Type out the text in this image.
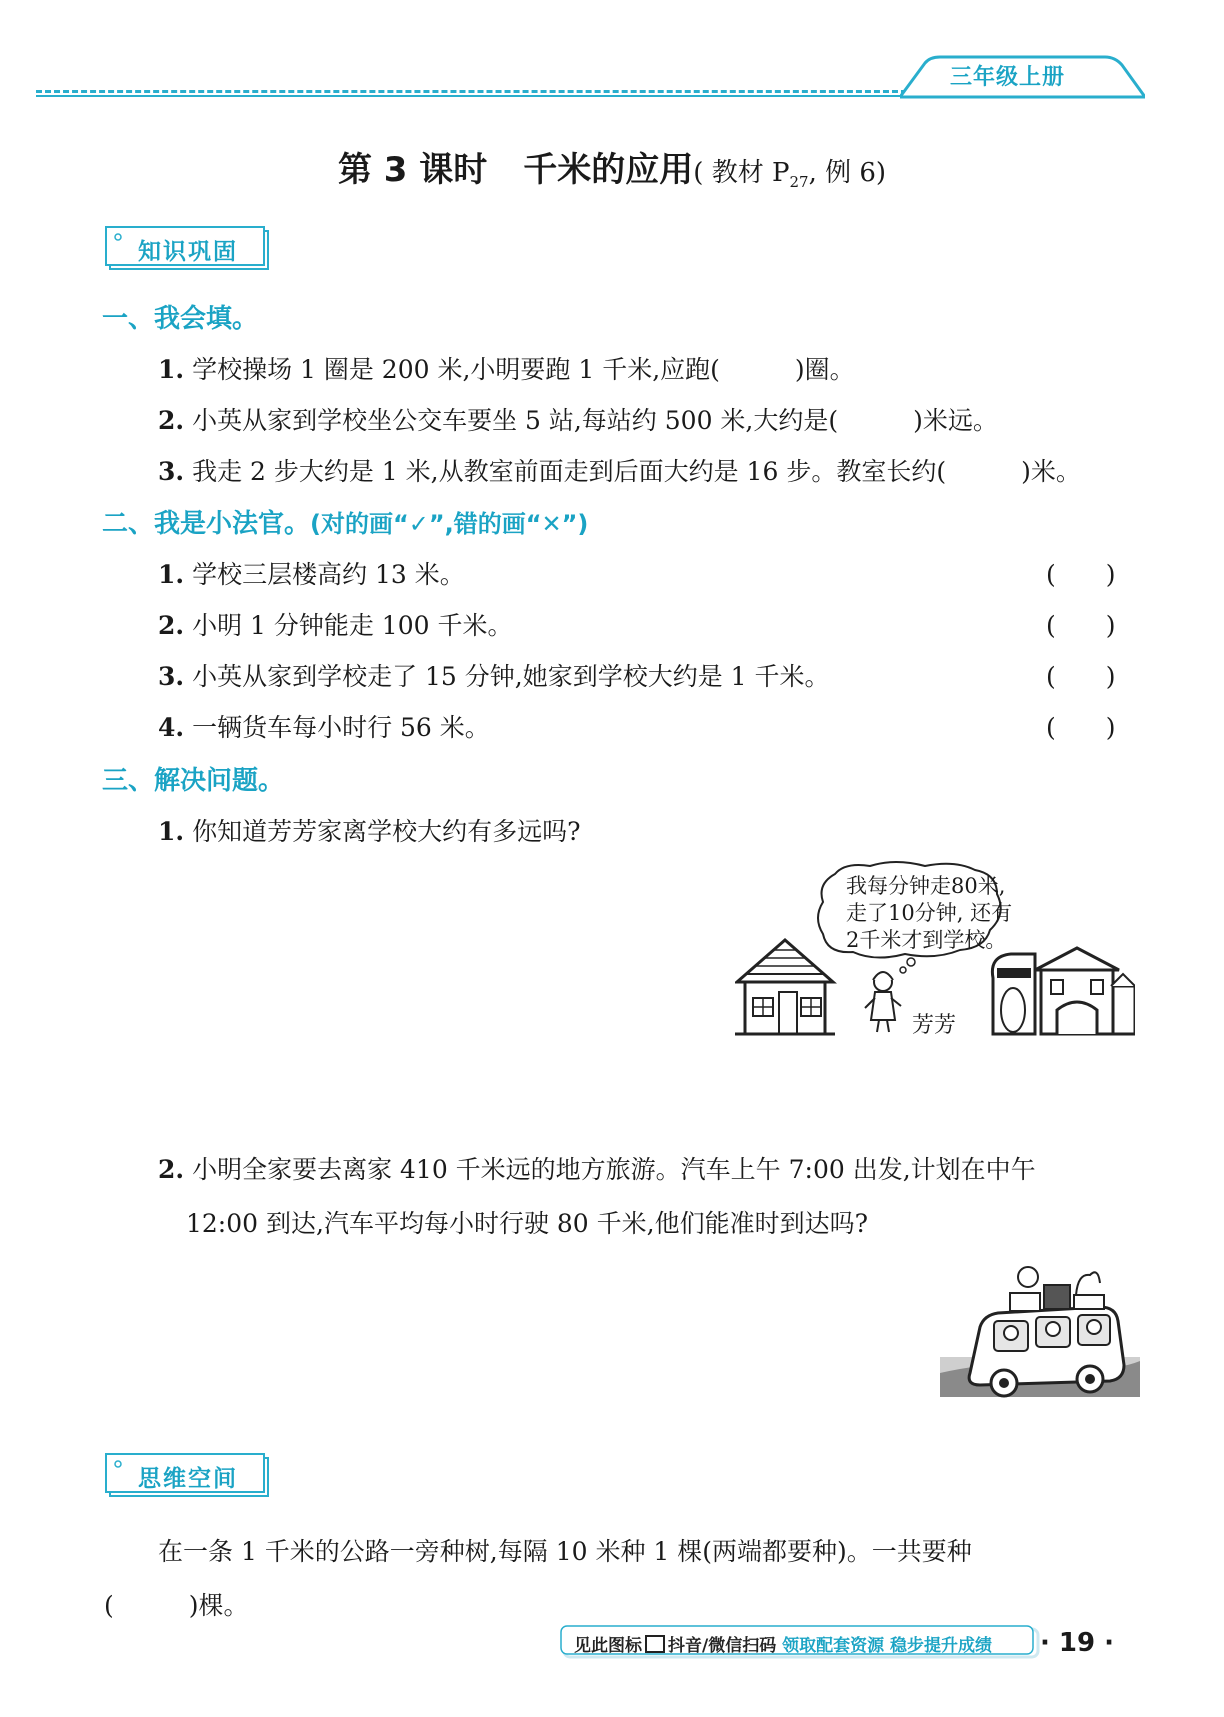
三年级上册
第 3 课时 千米的应用( 教材 $P_{27}$, 例 6)
知识巩固
一、我会填。
1. 学校操场 1 圈是 200 米,小明要跑 1 千米,应跑(　　　)圈。
2. 小英从家到学校坐公交车要坐 5 站,每站约 500 米,大约是(　　　)米远。
3. 我走 2 步大约是 1 米,从教室前面走到后面大约是 16 步。教室长约(　　　)米。
二、我是小法官。(对的画“✓”,错的画“✕”)
1. 学校三层楼高约 13 米。	(　　)
2. 小明 1 分钟能走 100 千米。	(　　)
3. 小英从家到学校走了 15 分钟,她家到学校大约是 1 千米。	(　　)
4. 一辆货车每小时行 56 米。	(　　)
三、解决问题。
1. 你知道芳芳家离学校大约有多远吗?
我每分钟走80米,
走了10分钟, 还有
2千米才到学校。
芳芳
2. 小明全家要去离家 410 千米远的地方旅游。汽车上午 7:00 出发,计划在中午
12:00 到达,汽车平均每小时行驶 80 千米,他们能准时到达吗?
思维空间
在一条 1 千米的公路一旁种树,每隔 10 米种 1 棵(两端都要种)。一共要种
(　　　)棵。
见此图标 抖音/微信扫码 领取配套资源 稳步提升成绩 · 19 ·
